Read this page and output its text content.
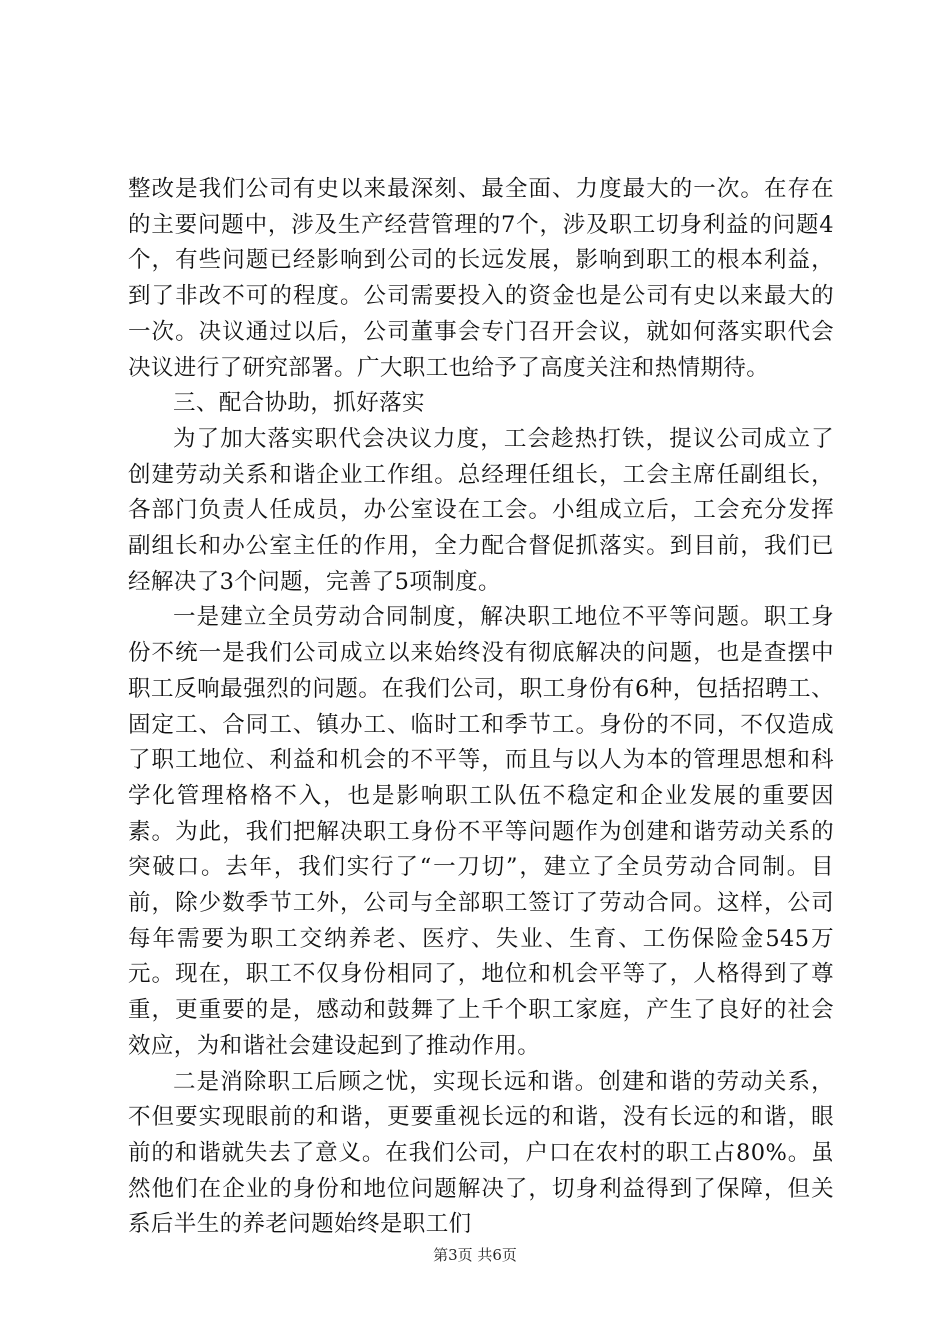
整改是我们公司有史以来最深刻、最全面、力度最大的一次。在存在的主要问题中，涉及生产经营管理的7个，涉及职工切身利益的问题4个，有些问题已经影响到公司的长远发展，影响到职工的根本利益，到了非改不可的程度。公司需要投入的资金也是公司有史以来最大的一次。决议通过以后，公司董事会专门召开会议，就如何落实职代会决议进行了研究部署。广大职工也给予了高度关注和热情期待。

三、配合协助，抓好落实

为了加大落实职代会决议力度，工会趁热打铁，提议公司成立了创建劳动关系和谐企业工作组。总经理任组长，工会主席任副组长，各部门负责人任成员，办公室设在工会。小组成立后，工会充分发挥副组长和办公室主任的作用，全力配合督促抓落实。到目前，我们已经解决了3个问题，完善了5项制度。

一是建立全员劳动合同制度，解决职工地位不平等问题。职工身份不统一是我们公司成立以来始终没有彻底解决的问题，也是查摆中职工反响最强烈的问题。在我们公司，职工身份有6种，包括招聘工、固定工、合同工、镇办工、临时工和季节工。身份的不同，不仅造成了职工地位、利益和机会的不平等，而且与以人为本的管理思想和科学化管理格格不入，也是影响职工队伍不稳定和企业发展的重要因素。为此，我们把解决职工身份不平等问题作为创建和谐劳动关系的突破口。去年，我们实行了“一刀切”，建立了全员劳动合同制。目前，除少数季节工外，公司与全部职工签订了劳动合同。这样，公司每年需要为职工交纳养老、医疗、失业、生育、工伤保险金545万元。现在，职工不仅身份相同了，地位和机会平等了，人格得到了尊重，更重要的是，感动和鼓舞了上千个职工家庭，产生了良好的社会效应，为和谐社会建设起到了推动作用。

二是消除职工后顾之忧，实现长远和谐。创建和谐的劳动关系，不但要实现眼前的和谐，更要重视长远的和谐，没有长远的和谐，眼前的和谐就失去了意义。在我们公司，户口在农村的职工占80%。虽然他们在企业的身份和地位问题解决了，切身利益得到了保障，但关系后半生的养老问题始终是职工们

第3页 共6页
